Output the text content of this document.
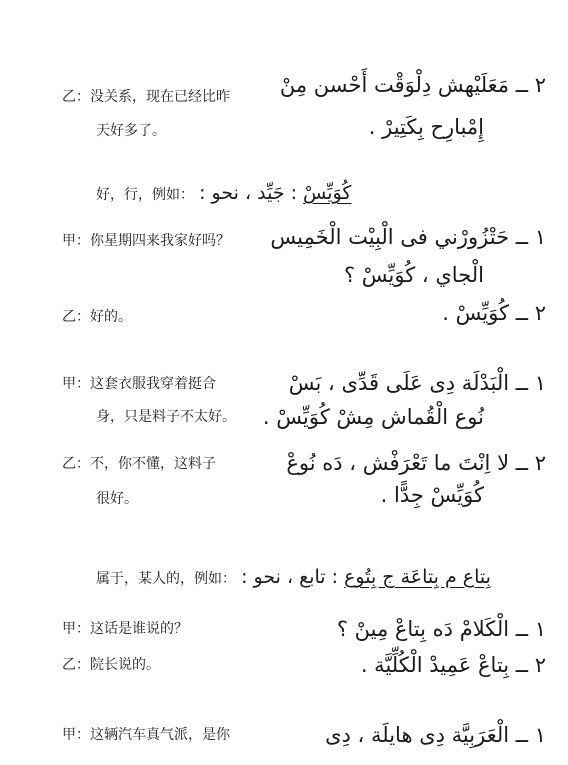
٢ ــ مَعَلَيْهش دِلْوَقْت أَحْسن مِنْ
乙：没关系，现在已经比昨
إِمْبارِح بِكَتِيرْ .
天好多了。
好，行，例如：	كُوَيِّسْ : جَيِّد ، نحو :
١ ــ حَتْزُورْني فى الْبِيْت الْخَمِيس
甲：你星期四来我家好吗？
الْجاي ، كُوَيِّسْ ؟
٢ ــ كُوَيِّسْ .
乙：好的。
١ ــ الْبَدْلَة دِى عَلَى قَدِّى ، بَسْ
甲：这套衣服我穿着挺合
نُوع الْقُماش مِشْ كُوَيِّسْ .
身，只是料子不太好。
٢ ــ لا اِنْتَ ما تَعْرَفْش ، دَه نُوعْ
乙：不，你不懂，这料子
كُوَيِّسْ جِدًّا .
很好。
属于，某人的，例如：	بِتاع م بِتاعَة ج بِتُوع : تابع ، نحو :
١ ــ الْكَلامْ دَه بِتاعْ مِينْ ؟
甲：这话是谁说的？
٢ ــ بِتاعْ عَمِيدْ الْكُلِّيَّة .
乙：院长说的。
١ ــ الْعَرَبِيَّة دِى هايلَة ، دِى
甲：这辆汽车真气派，是你
